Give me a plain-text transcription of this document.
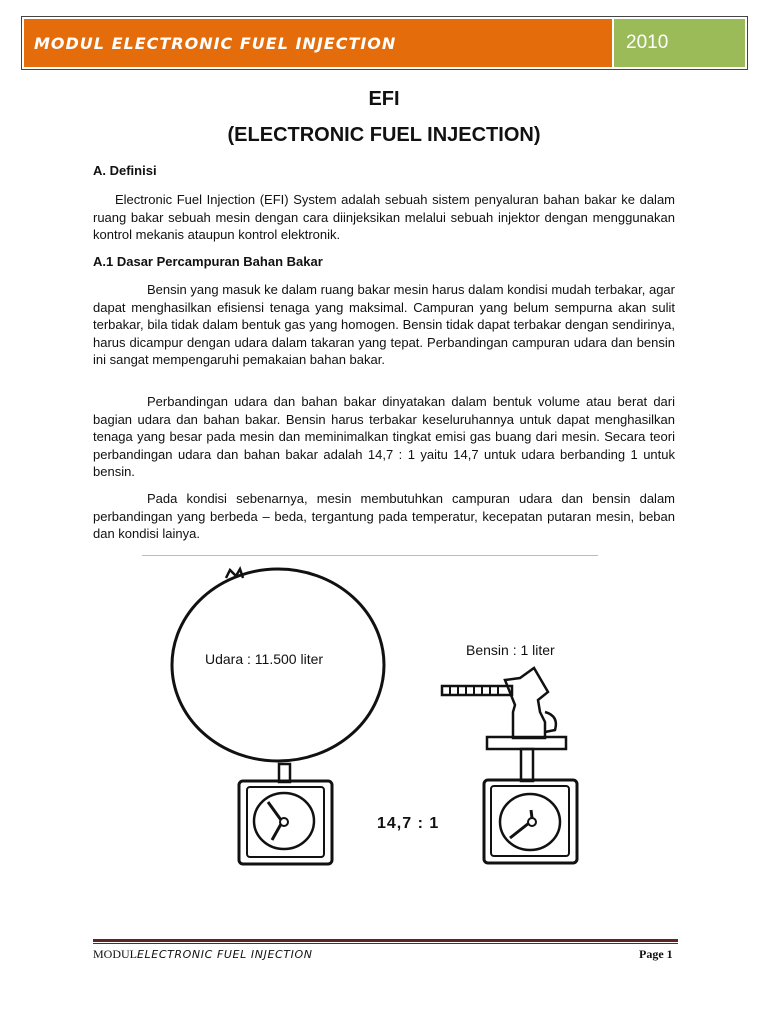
MODUL ELECTRONIC FUEL INJECTION	2010
EFI
(ELECTRONIC FUEL INJECTION)
A. Definisi
Electronic Fuel Injection (EFI) System adalah sebuah sistem penyaluran bahan bakar ke dalam ruang bakar sebuah mesin dengan cara diinjeksikan melalui sebuah injektor dengan menggunakan kontrol mekanis ataupun kontrol elektronik.
A.1 Dasar Percampuran Bahan Bakar
Bensin yang masuk ke dalam ruang bakar mesin harus dalam kondisi mudah terbakar, agar dapat menghasilkan efisiensi tenaga yang maksimal. Campuran yang belum sempurna akan sulit terbakar, bila tidak dalam bentuk gas yang homogen. Bensin tidak dapat terbakar dengan sendirinya, harus dicampur dengan udara dalam takaran yang tepat. Perbandingan campuran udara dan bensin ini sangat mempengaruhi pemakaian bahan bakar.
Perbandingan udara dan bahan bakar dinyatakan dalam bentuk volume atau berat dari bagian udara dan bahan bakar. Bensin harus terbakar keseluruhannya untuk dapat menghasilkan tenaga yang besar pada mesin dan meminimalkan tingkat emisi gas buang dari mesin. Secara teori perbandingan udara dan bahan bakar adalah 14,7 : 1 yaitu 14,7 untuk udara berbanding 1 untuk bensin.
Pada kondisi sebenarnya, mesin membutuhkan campuran udara dan bensin dalam perbandingan yang berbeda – beda, tergantung pada temperatur, kecepatan putaran mesin, beban dan kondisi lainya.
Udara : 11.500 liter
Bensin : 1 liter
14,7 : 1
MODULELECTRONIC FUEL INJECTION	Page 1
